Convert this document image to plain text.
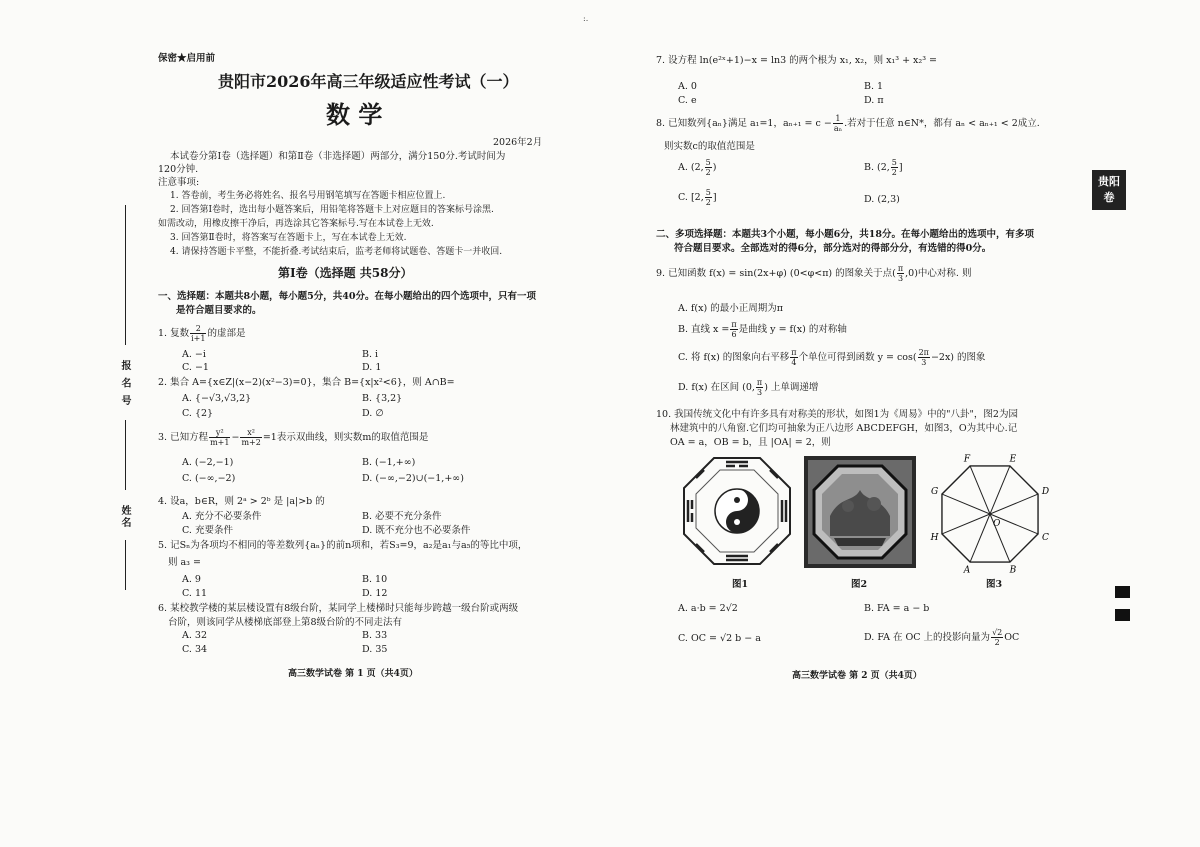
:.
报 名 号
姓名
保密★启用前
贵阳市2026年高三年级适应性考试（一）
数 学
2026年2月
本试卷分第Ⅰ卷（选择题）和第Ⅱ卷（非选择题）两部分，满分150分.考试时间为
120分钟.
注意事项:
1. 答卷前，考生务必将姓名、报名号用钢笔填写在答题卡相应位置上.
2. 回答第Ⅰ卷时，选出每小题答案后，用铅笔将答题卡上对应题目的答案标号涂黑.
如需改动，用橡皮擦干净后，再选涂其它答案标号.写在本试卷上无效.
3. 回答第Ⅱ卷时，将答案写在答题卡上，写在本试卷上无效.
4. 请保持答题卡平整，不能折叠.考试结束后，监考老师将试题卷、答题卡一并收回.
第Ⅰ卷（选择题 共58分）
一、选择题：本题共8小题，每小题5分，共40分。在每小题给出的四个选项中，只有一项
是符合题目要求的。
1. 复数 $\frac{2}{i+1}$ 的虚部是
A. −i	B. i
C. −1	D. 1
2. 集合 A={x∈Z|(x−2)(x²−3)=0}，集合 B={x|x²<6}，则 A∩B=
A. {−√3,√3,2}	B. {3,2}
C. {2}	D. ∅
3. 已知方程 $\frac{\text{y²}}{m+1} - \frac{\text{x²}}{m+2} =1$表示双曲线，则实数m的取值范围是
A. (−2,−1)	B. (−1,+∞)
C. (−∞,−2)	D. (−∞,−2)∪(−1,+∞)
4. 设a，b∈R，则 2ᵃ > 2ᵇ 是 |a|>b 的
A. 充分不必要条件	B. 必要不充分条件
C. 充要条件	D. 既不充分也不必要条件
5. 记Sₙ为各项均不相同的等差数列{aₙ}的前n项和，若S₃=9，a₂是a₁与a₅的等比中项，
则 a₃ =
A. 9	B. 10
C. 11	D. 12
6. 某校教学楼的某层楼设置有8级台阶，某同学上楼梯时只能每步跨越一级台阶或两级
台阶，则该同学从楼梯底部登上第8级台阶的不同走法有
A. 32	B. 33
C. 34	D. 35
高三数学试卷 第 1 页（共4页）
7. 设方程 ln(e²ˣ+1)−x = ln3 的两个根为 x₁, x₂，则 x₁³ + x₂³ =
A. 0	B. 1
C. e	D. π
8. 已知数列{aₙ}满足 a₁=1，$a_{n+1} = c - \frac{1}{\text{aₙ}}$ .若对于任意 n∈N*，都有 aₙ < aₙ₊₁ < 2成立.
则实数c的取值范围是
A. (2, $\frac{5}{2}$ )	B. (2, $\frac{5}{2}$ ]
C. [2, $\frac{5}{2}$ ]	D. (2,3)
二、多项选择题：本题共3个小题，每小题6分，共18分。在每小题给出的选项中，有多项
符合题目要求。全部选对的得6分，部分选对的得部分分，有选错的得0分。
9. 已知函数 f(x) = sin(2x+φ) (0<φ<π) 的图象关于点( $\frac{\pi}{3} ,0$)中心对称. 则
A. f(x) 的最小正周期为π
B. 直线 $x = \frac{\pi}{6}$ 是曲线 y = f(x) 的对称轴
C. 将 f(x) 的图象向右平移 $\frac{\pi}{4}$ 个单位可得到函数 $y = \cos( \frac{2\pi}{3} -2x)$ 的图象
D. f(x) 在区间 (0, $\frac{\pi}{3}$ ) 上单调递增
10. 我国传统文化中有许多具有对称美的形状，如图1为《周易》中的"八卦"，图2为园
林建筑中的八角窗.它们均可抽象为正八边形 ABCDEFGH，如图3，O为其中心.记
OA = a，OB = b，且 |OA| = 2，则
图1	图2
A	B
C
D
E
F
G
H
O
图3
A. a·b = 2√2	B. FA = a − b
C. OC = √2 b − a	D. FA 在 OC 上的投影向量为 $\frac{√2}{2}$ OC
高三数学试卷 第 2 页（共4页）
贵阳
卷
